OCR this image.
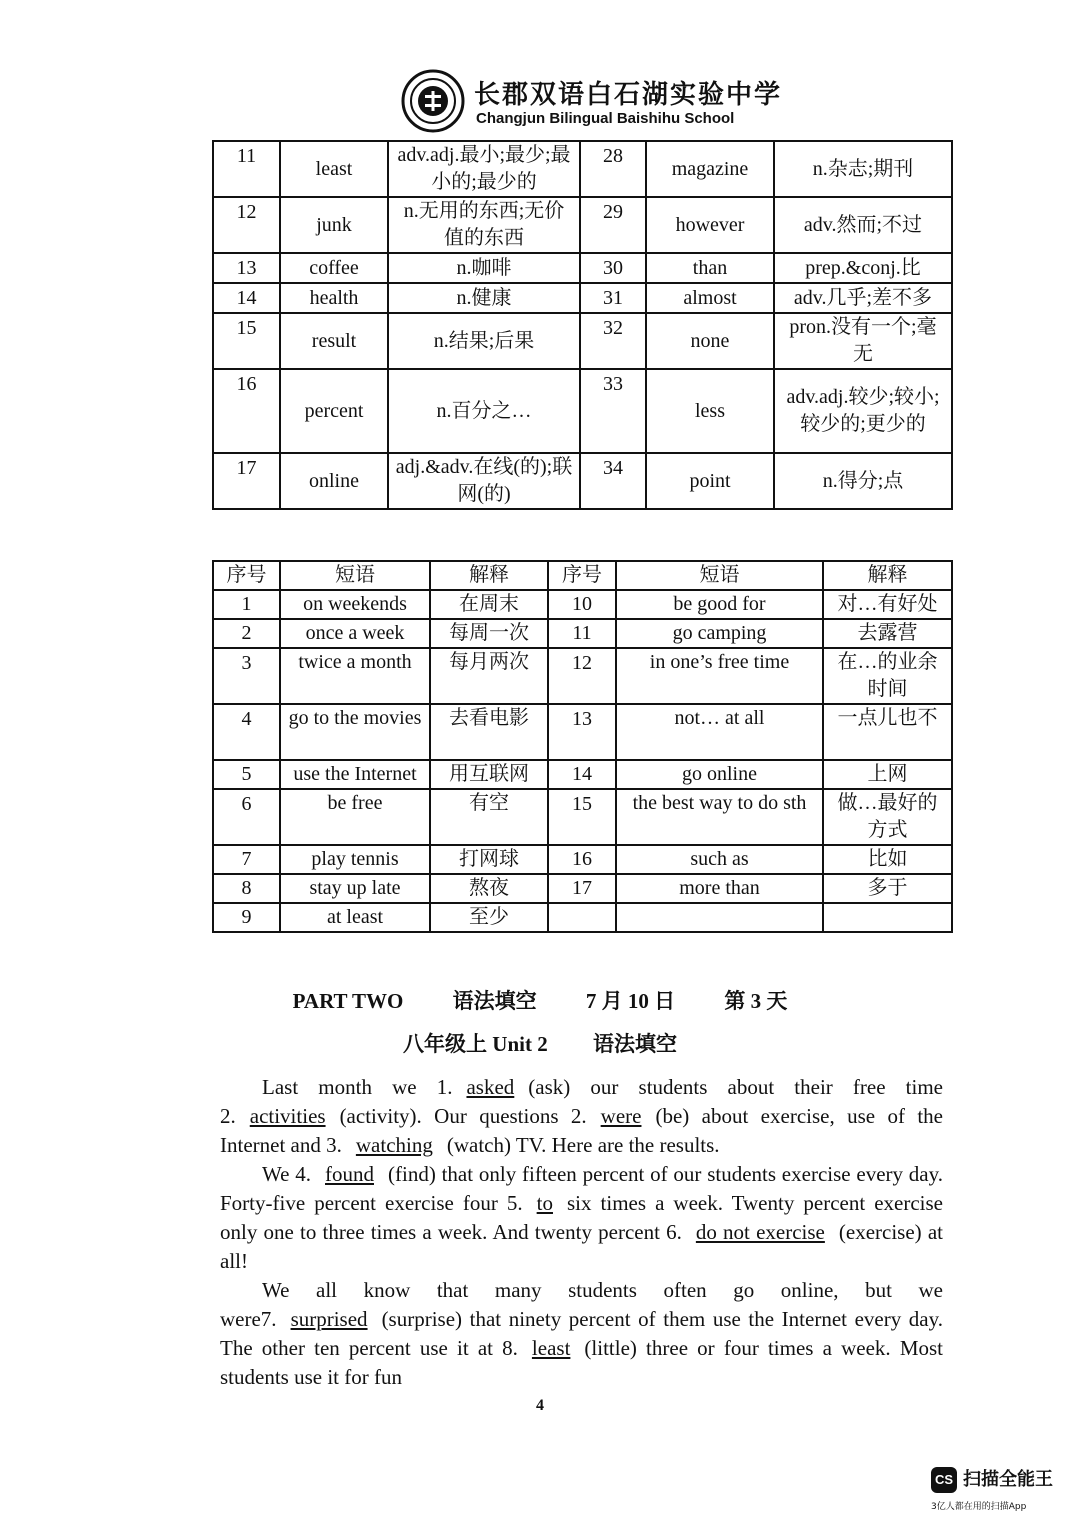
长郡双语白石湖实验中学
Changjun Bilingual Baishihu School
11	least	adv.adj.最小;最少;最小的;最少的	28	magazine	n.杂志;期刊
12	junk	n.无用的东西;无价值的东西	29	however	adv.然而;不过
13	coffee	n.咖啡	30	than	prep.&conj.比
14	health	n.健康	31	almost	adv.几乎;差不多
15	result	n.结果;后果	32	none	pron.没有一个;毫无
16	percent	n.百分之…	33	less	adv.adj.较少;较小;较少的;更少的
17	online	adj.&adv.在线(的);联网(的)	34	point	n.得分;点
序号	短语	解释	序号	短语	解释
1	on weekends	在周末	10	be good for	对…有好处
2	once a week	每周一次	11	go camping	去露营
3	twice a month	每月两次	12	in one’s free time	在…的业余时间
4	go to the movies	去看电影	13	not… at all	一点儿也不
5	use the Internet	用互联网	14	go online	上网
6	be free	有空	15	the best way to do sth	做…最好的方式
7	play tennis	打网球	16	such as	比如
8	stay up late	熬夜	17	more than	多于
9	at least	至少			
PART TWO 语法填空 7 月 10 日 第 3 天
八年级上 Unit 2 语法填空

Last month we 1. asked (ask) our students about their free time 2. activities (activity). Our questions 2. were (be) about exercise, use of the Internet and 3. watching (watch) TV. Here are the results.

We 4. found (find) that only fifteen percent of our students exercise every day. Forty-five percent exercise four 5. to six times a week. Twenty percent exercise only one to three times a week. And twenty percent 6. do not exercise (exercise) at all!

We all know that many students often go online, but we were7. surprised (surprise) that ninety percent of them use the Internet every day. The other ten percent use it at 8. least (little) three or four times a week. Most students use it for fun

4
CS 扫描全能王
3亿人都在用的扫描App
